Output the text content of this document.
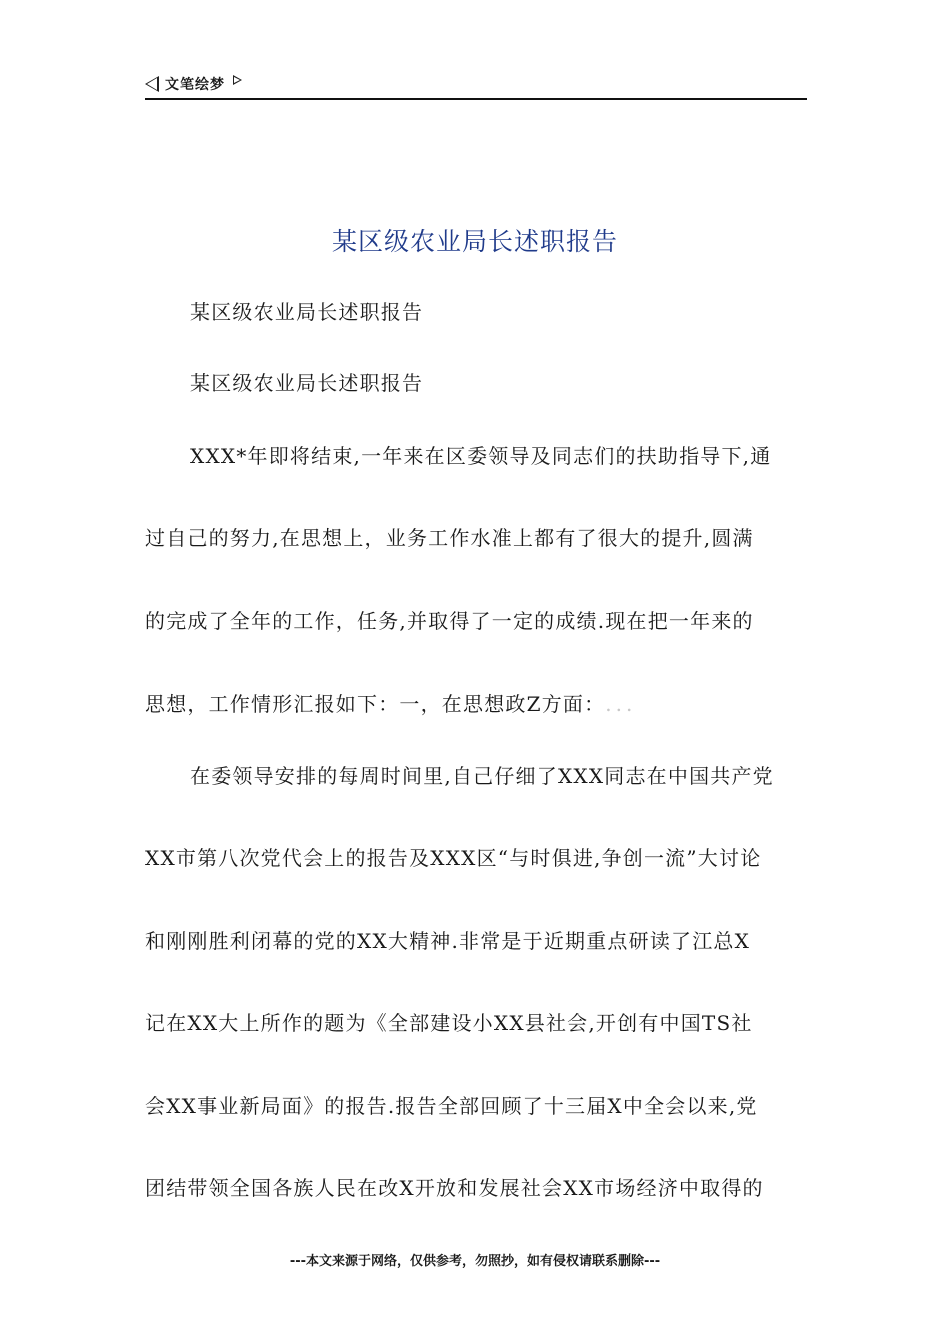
文笔绘梦
某区级农业局长述职报告
某区级农业局长述职报告
某区级农业局长述职报告
XXX*年即将结束,一年来在区委领导及同志们的扶助指导下,通
过自己的努力,在思想上，业务工作水准上都有了很大的提升,圆满
的完成了全年的工作，任务,并取得了一定的成绩.现在把一年来的
思想，工作情形汇报如下：一，在思想政Z方面：...
在委领导安排的每周时间里,自己仔细了XXX同志在中国共产党
XX市第八次党代会上的报告及XXX区“与时俱进,争创一流”大讨论
和刚刚胜利闭幕的党的XX大精神.非常是于近期重点研读了江总X
记在XX大上所作的题为《全部建设小XX县社会,开创有中国TS社
会XX事业新局面》的报告.报告全部回顾了十三届X中全会以来,党
团结带领全国各族人民在改X开放和发展社会XX市场经济中取得的
---本文来源于网络，仅供参考，勿照抄，如有侵权请联系删除---
